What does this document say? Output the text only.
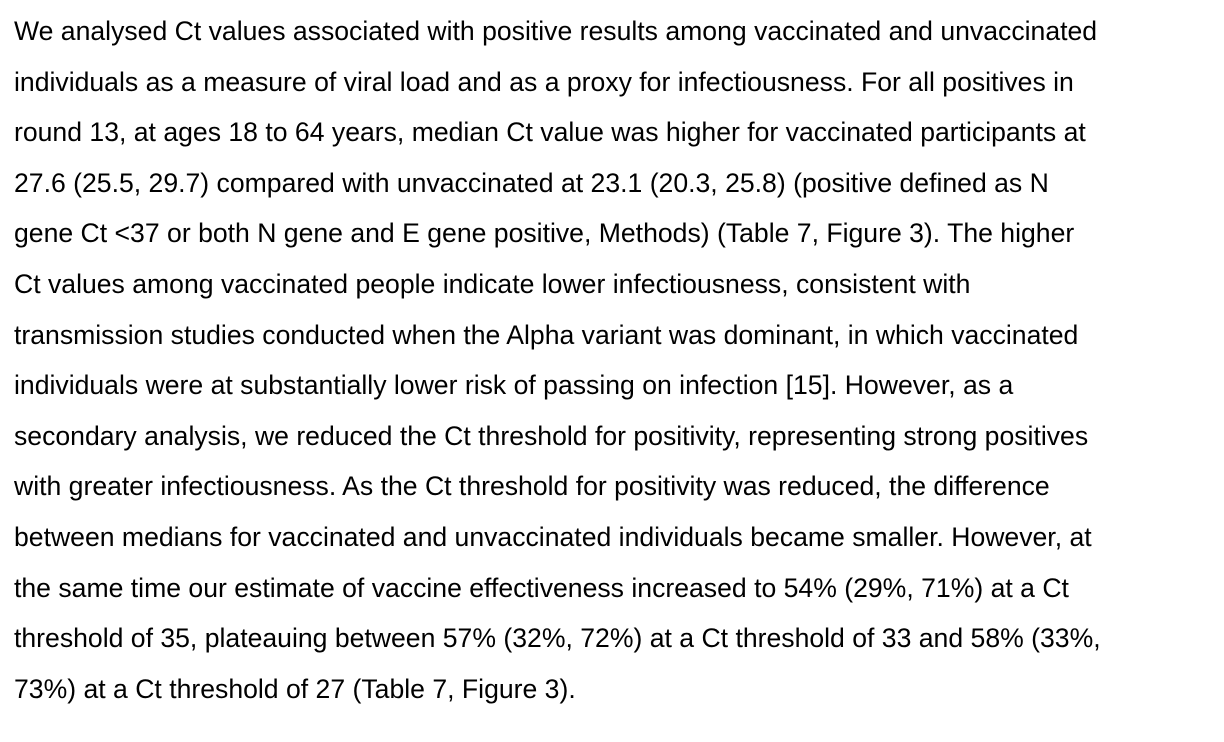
We analysed Ct values associated with positive results among vaccinated and unvaccinated
individuals as a measure of viral load and as a proxy for infectiousness. For all positives in
round 13, at ages 18 to 64 years, median Ct value was higher for vaccinated participants at
27.6 (25.5, 29.7) compared with unvaccinated at 23.1 (20.3, 25.8) (positive defined as N
gene Ct <37 or both N gene and E gene positive, Methods) (Table 7, Figure 3). The higher
Ct values among vaccinated people indicate lower infectiousness, consistent with
transmission studies conducted when the Alpha variant was dominant, in which vaccinated
individuals were at substantially lower risk of passing on infection [15]. However, as a
secondary analysis, we reduced the Ct threshold for positivity, representing strong positives
with greater infectiousness. As the Ct threshold for positivity was reduced, the difference
between medians for vaccinated and unvaccinated individuals became smaller. However, at
the same time our estimate of vaccine effectiveness increased to 54% (29%, 71%) at a Ct
threshold of 35, plateauing between 57% (32%, 72%) at a Ct threshold of 33 and 58% (33%,
73%) at a Ct threshold of 27 (Table 7, Figure 3).
